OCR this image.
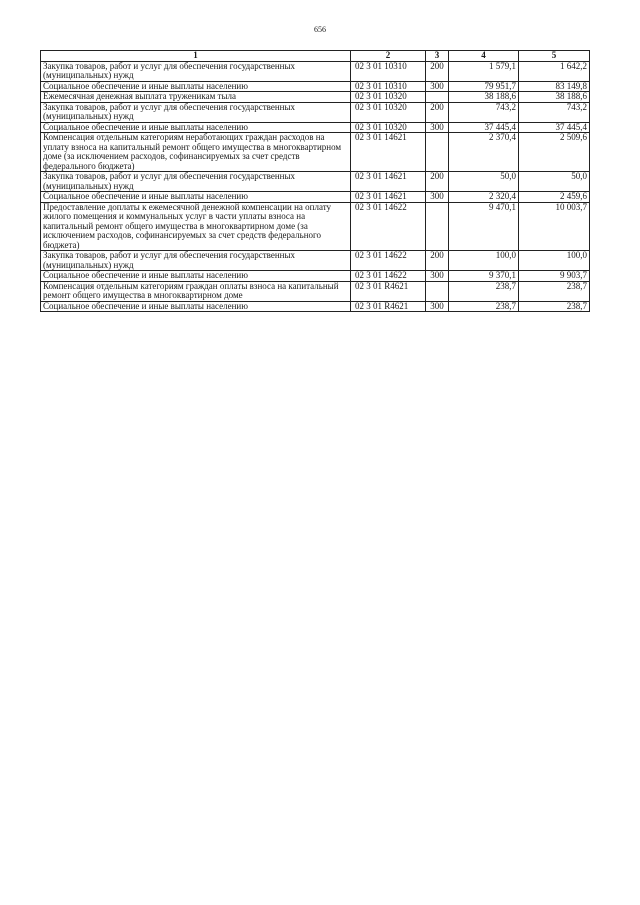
656
1	2	3	4	5
Закупка товаров, работ и услуг для обеспечения государственных (муниципальных) нужд	02 3 01 10310	200	1 579,1	1 642,2
Социальное обеспечение и иные выплаты населению	02 3 01 10310	300	79 951,7	83 149,8
Ежемесячная денежная выплата труженикам тыла	02 3 01 10320		38 188,6	38 188,6
Закупка товаров, работ и услуг для обеспечения государственных (муниципальных) нужд	02 3 01 10320	200	743,2	743,2
Социальное обеспечение и иные выплаты населению	02 3 01 10320	300	37 445,4	37 445,4
Компенсация отдельным категориям неработающих граждан расходов на уплату взноса на капитальный ремонт общего имущества в многоквартирном доме (за исключением расходов, софинансируемых за счет средств федерального бюджета)	02 3 01 14621		2 370,4	2 509,6
Закупка товаров, работ и услуг для обеспечения государственных (муниципальных) нужд	02 3 01 14621	200	50,0	50,0
Социальное обеспечение и иные выплаты населению	02 3 01 14621	300	2 320,4	2 459,6
Предоставление доплаты к ежемесячной денежной компенсации на оплату жилого помещения и коммунальных услуг в части уплаты взноса на капитальный ремонт общего имущества в многоквартирном доме (за исключением расходов, софинансируемых за счет средств федерального бюджета)	02 3 01 14622		9 470,1	10 003,7
Закупка товаров, работ и услуг для обеспечения государственных (муниципальных) нужд	02 3 01 14622	200	100,0	100,0
Социальное обеспечение и иные выплаты населению	02 3 01 14622	300	9 370,1	9 903,7
Компенсация отдельным категориям граждан оплаты взноса на капитальный ремонт общего имущества в многоквартирном доме	02 3 01 R4621		238,7	238,7
Социальное обеспечение и иные выплаты населению	02 3 01 R4621	300	238,7	238,7
